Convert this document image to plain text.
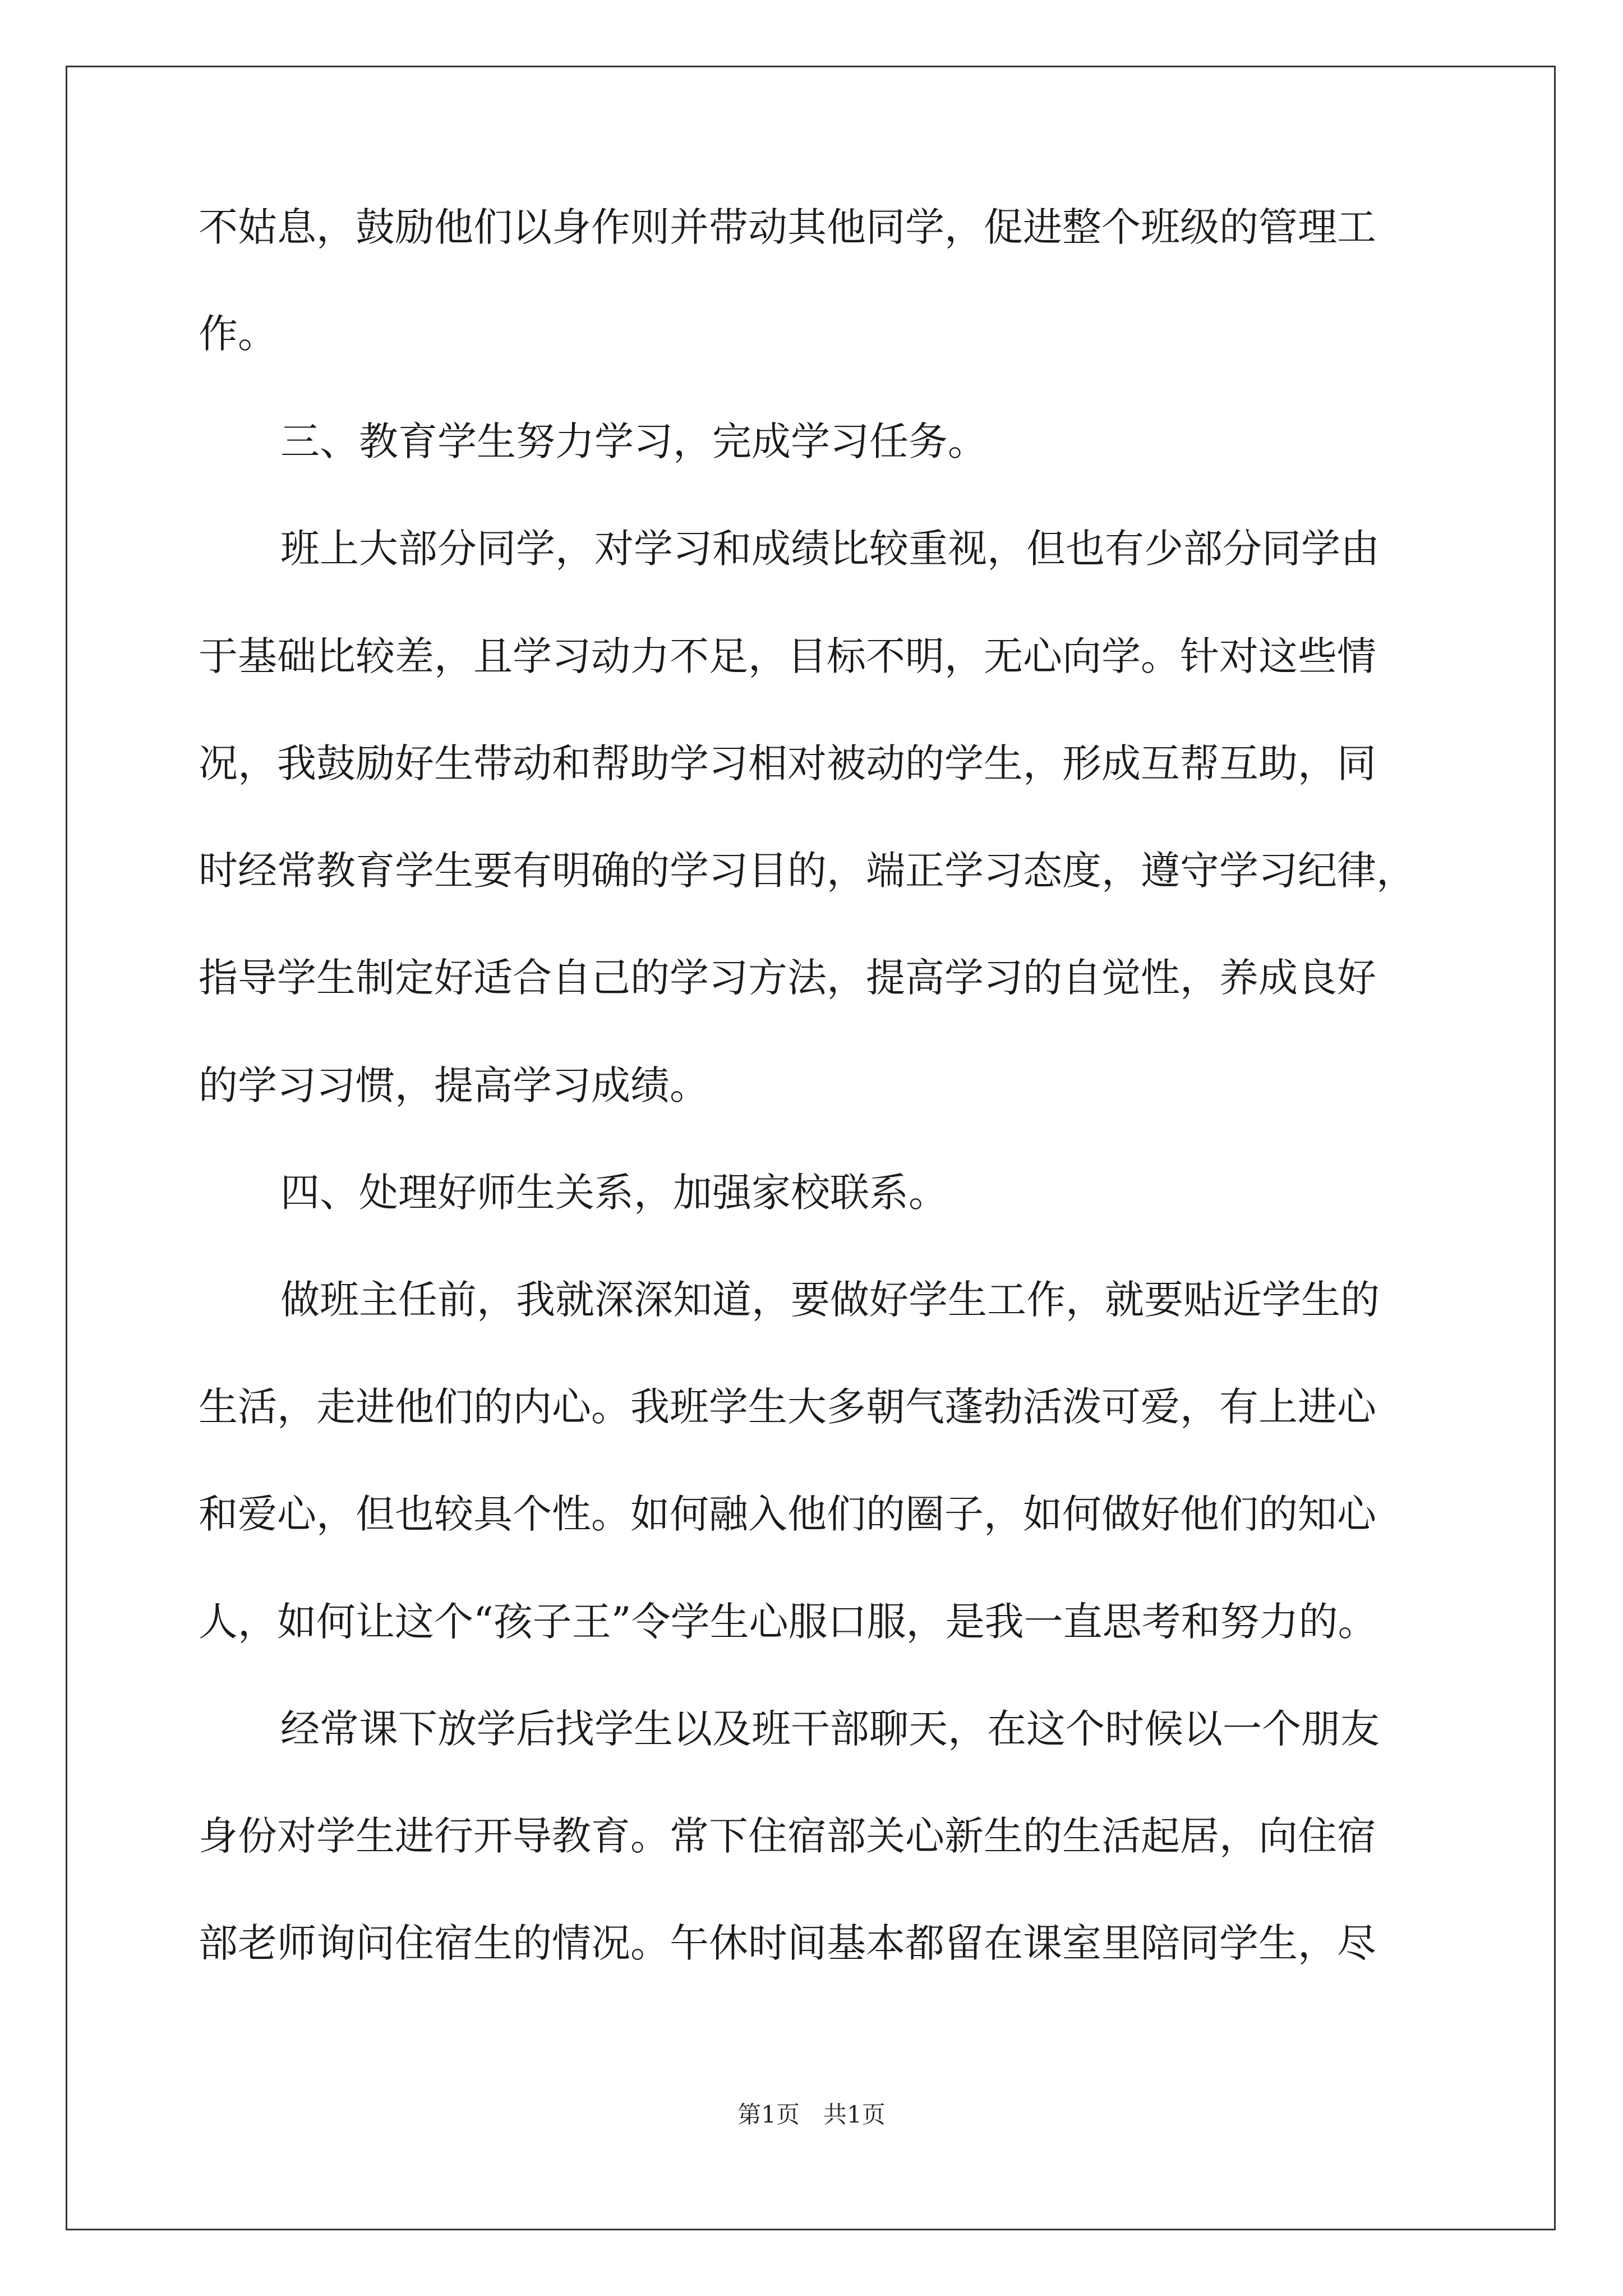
不姑息，鼓励他们以身作则并带动其他同学，促进整个班级的管理工
作。
三、教育学生努力学习，完成学习任务。
班上大部分同学，对学习和成绩比较重视，但也有少部分同学由
于基础比较差，且学习动力不足，目标不明，无心向学。针对这些情
况，我鼓励好生带动和帮助学习相对被动的学生，形成互帮互助，同
时经常教育学生要有明确的学习目的，端正学习态度，遵守学习纪律，
指导学生制定好适合自己的学习方法，提高学习的自觉性，养成良好
的学习习惯，提高学习成绩。
四、处理好师生关系，加强家校联系。
做班主任前，我就深深知道，要做好学生工作，就要贴近学生的
生活，走进他们的内心。我班学生大多朝气蓬勃活泼可爱，有上进心
和爱心，但也较具个性。如何融入他们的圈子，如何做好他们的知心
人，如何让这个“孩子王”令学生心服口服，是我一直思考和努力的。
经常课下放学后找学生以及班干部聊天，在这个时候以一个朋友
身份对学生进行开导教育。常下住宿部关心新生的生活起居，向住宿
部老师询问住宿生的情况。午休时间基本都留在课室里陪同学生，尽
第1页　共1页
